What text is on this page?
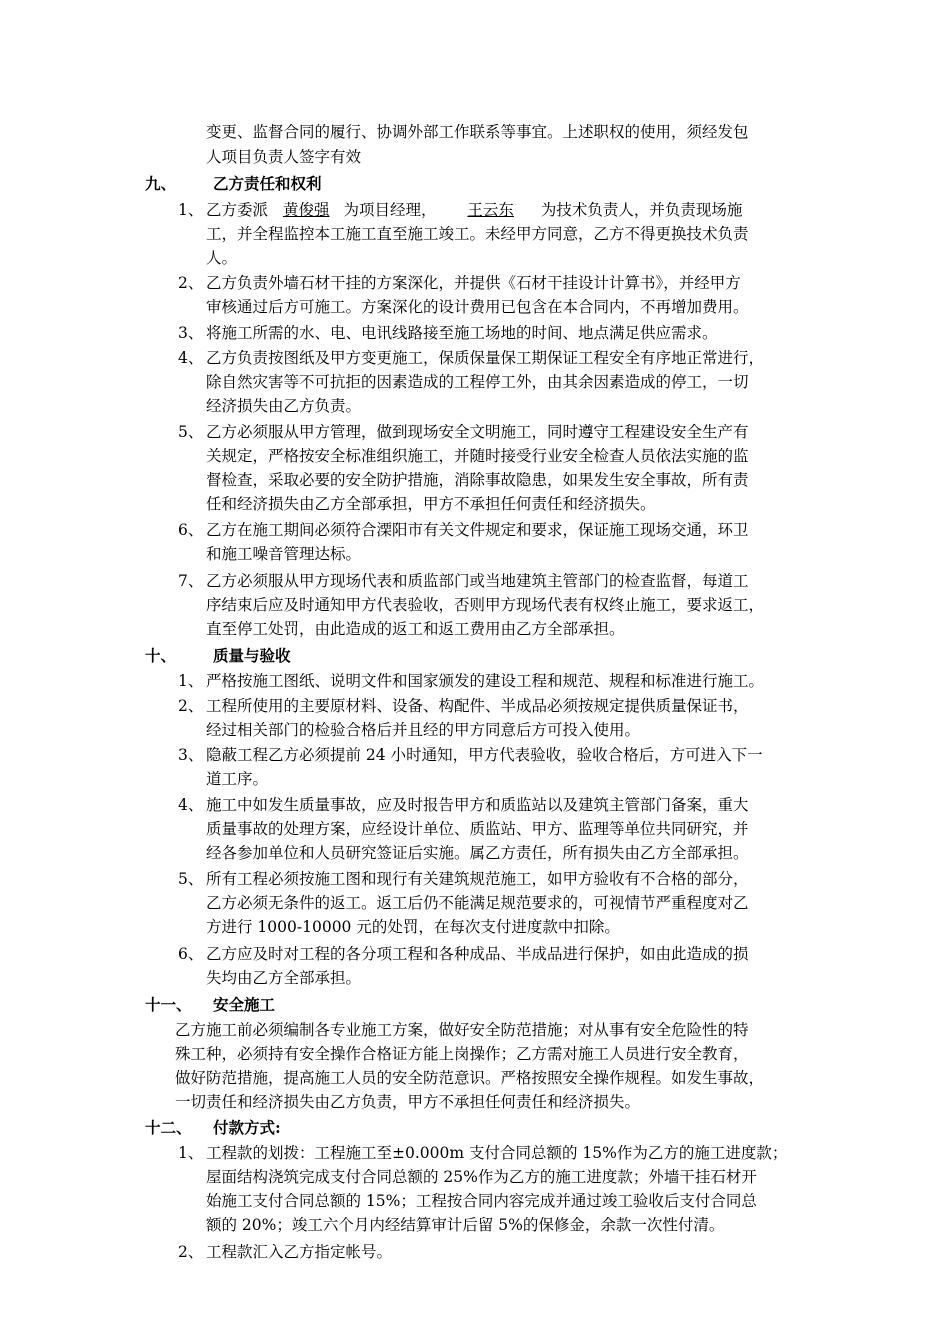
变更、监督合同的履行、协调外部工作联系等事宜。上述职权的使用，须经发包
人项目负责人签字有效
九、 乙方责任和权利
1、 乙方委派 黄俊强 为项目经理， 王云东 为技术负责人，并负责现场施
工，并全程监控本工施工直至施工竣工。未经甲方同意，乙方不得更换技术负责
人。
2、 乙方负责外墙石材干挂的方案深化，并提供《石材干挂设计计算书》，并经甲方
审核通过后方可施工。方案深化的设计费用已包含在本合同内，不再增加费用。
3、 将施工所需的水、电、电讯线路接至施工场地的时间、地点满足供应需求。
4、 乙方负责按图纸及甲方变更施工，保质保量保工期保证工程安全有序地正常进行，
除自然灾害等不可抗拒的因素造成的工程停工外，由其余因素造成的停工，一切
经济损失由乙方负责。
5、 乙方必须服从甲方管理，做到现场安全文明施工，同时遵守工程建设安全生产有
关规定，严格按安全标准组织施工，并随时接受行业安全检查人员依法实施的监
督检查，采取必要的安全防护措施，消除事故隐患，如果发生安全事故，所有责
任和经济损失由乙方全部承担，甲方不承担任何责任和经济损失。
6、 乙方在施工期间必须符合溧阳市有关文件规定和要求，保证施工现场交通，环卫
和施工噪音管理达标。
7、 乙方必须服从甲方现场代表和质监部门或当地建筑主管部门的检查监督，每道工
序结束后应及时通知甲方代表验收，否则甲方现场代表有权终止施工，要求返工，
直至停工处罚，由此造成的返工和返工费用由乙方全部承担。
十、 质量与验收
1、 严格按施工图纸、说明文件和国家颁发的建设工程和规范、规程和标准进行施工。
2、 工程所使用的主要原材料、设备、构配件、半成品必须按规定提供质量保证书，
经过相关部门的检验合格后并且经的甲方同意后方可投入使用。
3、 隐蔽工程乙方必须提前 24 小时通知，甲方代表验收，验收合格后，方可进入下一
道工序。
4、 施工中如发生质量事故，应及时报告甲方和质监站以及建筑主管部门备案，重大
质量事故的处理方案，应经设计单位、质监站、甲方、监理等单位共同研究，并
经各参加单位和人员研究签证后实施。属乙方责任，所有损失由乙方全部承担。
5、 所有工程必须按施工图和现行有关建筑规范施工，如甲方验收有不合格的部分，
乙方必须无条件的返工。返工后仍不能满足规范要求的，可视情节严重程度对乙
方进行 1000-10000 元的处罚，在每次支付进度款中扣除。
6、 乙方应及时对工程的各分项工程和各种成品、半成品进行保护，如由此造成的损
失均由乙方全部承担。
十一、 安全施工
乙方施工前必须编制各专业施工方案，做好安全防范措施；对从事有安全危险性的特
殊工种，必须持有安全操作合格证方能上岗操作；乙方需对施工人员进行安全教育，
做好防范措施，提高施工人员的安全防范意识。严格按照安全操作规程。如发生事故，
一切责任和经济损失由乙方负责，甲方不承担任何责任和经济损失。
十二、 付款方式:
1、 工程款的划拨：工程施工至±0.000m 支付合同总额的 15%作为乙方的施工进度款；
屋面结构浇筑完成支付合同总额的 25%作为乙方的施工进度款；外墙干挂石材开
始施工支付合同总额的 15%；工程按合同内容完成并通过竣工验收后支付合同总
额的 20%；竣工六个月内经结算审计后留 5%的保修金，余款一次性付清。
2、 工程款汇入乙方指定帐号。
